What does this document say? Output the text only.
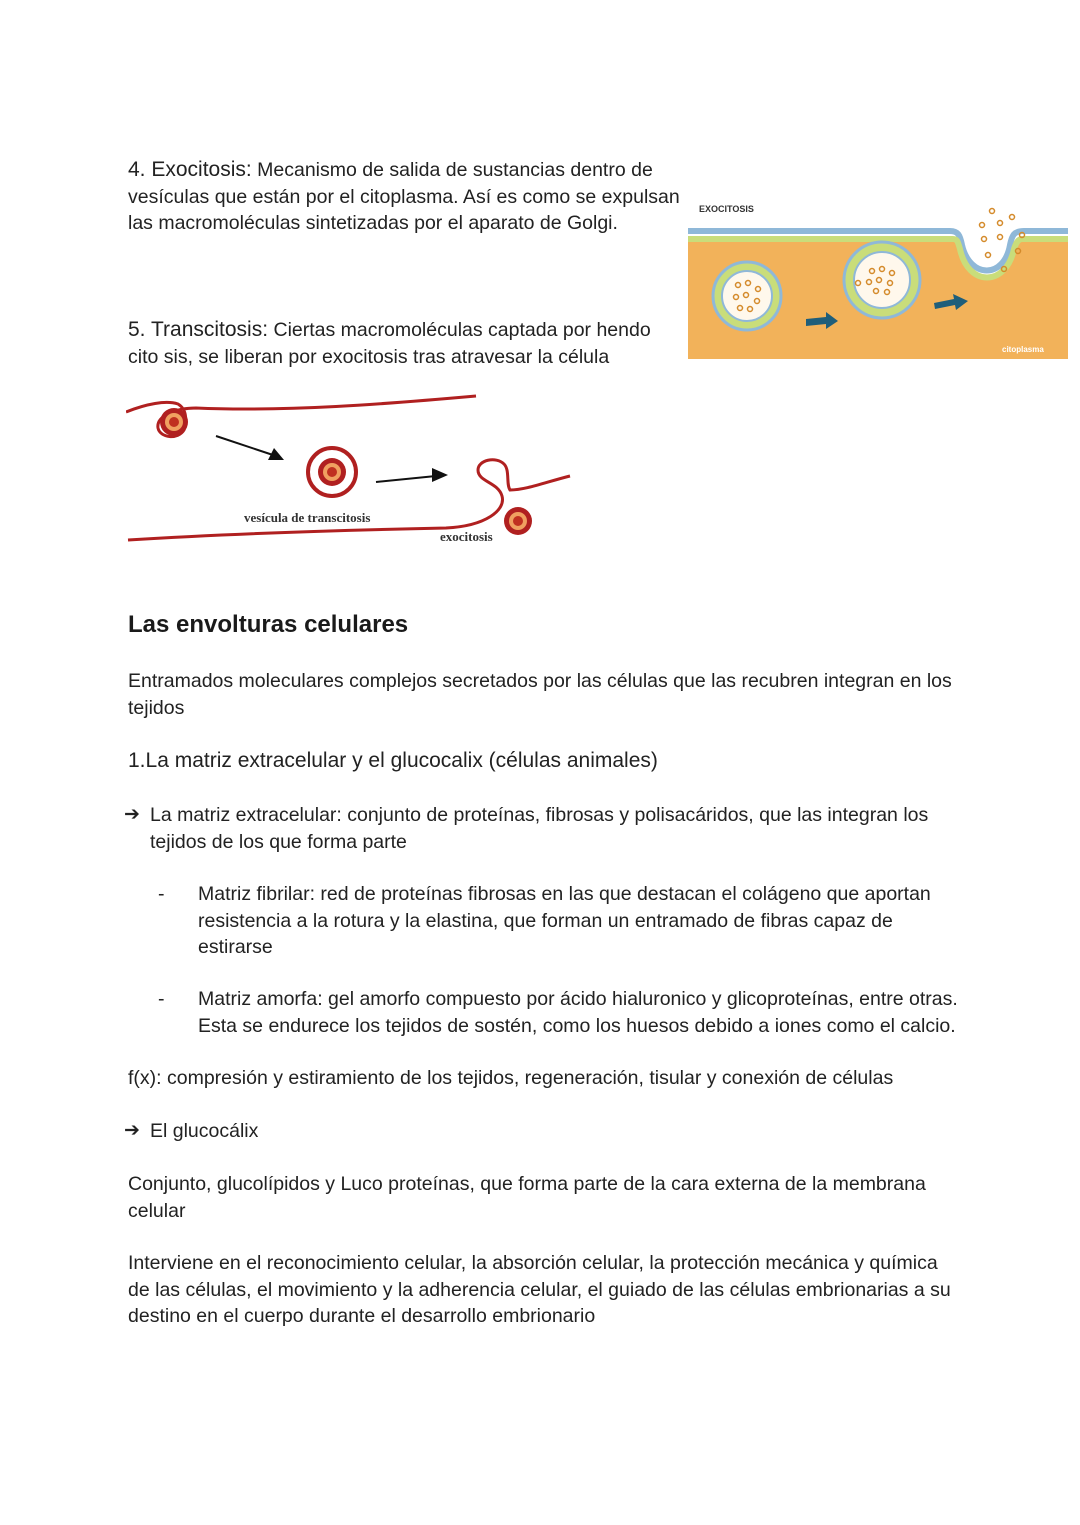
4. Exocitosis: Mecanismo de salida de sustancias dentro de vesículas que están por el citoplasma. Así es como se expulsan las macromoléculas sintetizadas por el aparato de Golgi.

EXOCITOSIS
citoplasma

5. Transcitosis: Ciertas macromoléculas captada por hendo cito sis, se liberan por exocitosis tras atravesar la célula

vesícula de transcitosis
exocitosis
Las envolturas celulares

Entramados moleculares complejos secretados por las células que las recubren integran en los tejidos

1.La matriz extracelular y el glucocalix (células animales)

➔ La matriz extracelular: conjunto de proteínas, fibrosas y polisacáridos, que las integran los tejidos de los que forma parte
-	Matriz fibrilar: red de proteínas fibrosas en las que destacan el colágeno que aportan resistencia a la rotura y la elastina, que forman un entramado de fibras capaz de estirarse
-	Matriz amorfa: gel amorfo compuesto por ácido hialuronico y glicoproteínas, entre otras. Esta se endurece los tejidos de sostén, como los huesos debido a iones como el calcio.

f(x): compresión y estiramiento de los tejidos, regeneración, tisular y conexión de células

➔ El glucocálix

Conjunto, glucolípidos y Luco proteínas, que forma parte de la cara externa de la membrana celular

Interviene en el reconocimiento celular, la absorción celular, la protección mecánica y química de las células, el movimiento y la adherencia celular, el guiado de las células embrionarias a su destino en el cuerpo durante el desarrollo embrionario
